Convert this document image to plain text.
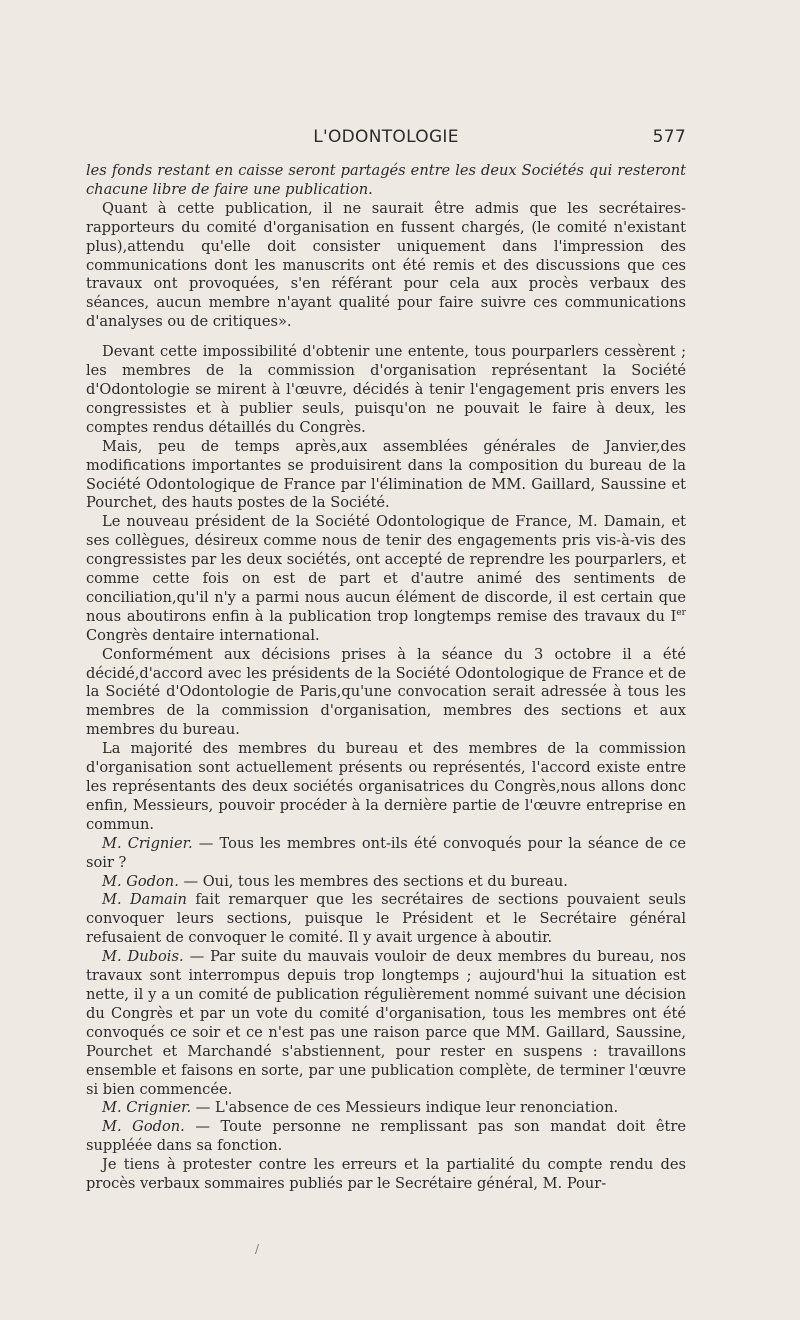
L'ODONTOLOGIE	577

les fonds restant en caisse seront partagés entre les deux Sociétés qui resteront chacune libre de faire une publication.

Quant à cette publication, il ne saurait être admis que les secrétaires-rapporteurs du comité d'organisation en fussent chargés, (le comité n'existant plus),attendu qu'elle doit consister uniquement dans l'impression des communications dont les manuscrits ont été remis et des discussions que ces travaux ont provoquées, s'en référant pour cela aux procès verbaux des séances, aucun membre n'ayant qualité pour faire suivre ces communications d'analyses ou de critiques».

Devant cette impossibilité d'obtenir une entente, tous pourparlers cessèrent ; les membres de la commission d'organisation représentant la Société d'Odontologie se mirent à l'œuvre, décidés à tenir l'engagement pris envers les congressistes et à publier seuls, puisqu'on ne pouvait le faire à deux, les comptes rendus détaillés du Congrès.

Mais, peu de temps après,aux assemblées générales de Janvier,des modifications importantes se produisirent dans la composition du bureau de la Société Odontologique de France par l'élimination de MM. Gaillard, Saussine et Pourchet, des hauts postes de la Société.

Le nouveau président de la Société Odontologique de France, M. Damain, et ses collègues, désireux comme nous de tenir des engagements pris vis-à-vis des congressistes par les deux sociétés, ont accepté de reprendre les pourparlers, et comme cette fois on est de part et d'autre animé des sentiments de conciliation,qu'il n'y a parmi nous aucun élément de discorde, il est certain que nous aboutirons enfin à la publication trop longtemps remise des travaux du Ier Congrès dentaire international.

Conformément aux décisions prises à la séance du 3 octobre il a été décidé,d'accord avec les présidents de la Société Odontologique de France et de la Société d'Odontologie de Paris,qu'une convocation serait adressée à tous les membres de la commission d'organisation, membres des sections et aux membres du bureau.

La majorité des membres du bureau et des membres de la commission d'organisation sont actuellement présents ou représentés, l'accord existe entre les représentants des deux sociétés organisatrices du Congrès,nous allons donc enfin, Messieurs, pouvoir procéder à la dernière partie de l'œuvre entreprise en commun.

M. Crignier. — Tous les membres ont-ils été convoqués pour la séance de ce soir ?

M. Godon. — Oui, tous les membres des sections et du bureau.

M. Damain fait remarquer que les secrétaires de sections pouvaient seuls convoquer leurs sections, puisque le Président et le Secrétaire général refusaient de convoquer le comité. Il y avait urgence à aboutir.

M. Dubois. — Par suite du mauvais vouloir de deux membres du bureau, nos travaux sont interrompus depuis trop longtemps ; aujourd'hui la situation est nette, il y a un comité de publication régulièrement nommé suivant une décision du Congrès et par un vote du comité d'organisation, tous les membres ont été convoqués ce soir et ce n'est pas une raison parce que MM. Gaillard, Saussine, Pourchet et Marchandé s'abstiennent, pour rester en suspens : travaillons ensemble et faisons en sorte, par une publication complète, de terminer l'œuvre si bien commencée.

M. Crignier. — L'absence de ces Messieurs indique leur renonciation.

M. Godon. — Toute personne ne remplissant pas son mandat doit être suppléée dans sa fonction.

Je tiens à protester contre les erreurs et la partialité du compte rendu des procès verbaux sommaires publiés par le Secrétaire général, M. Pour-

/
